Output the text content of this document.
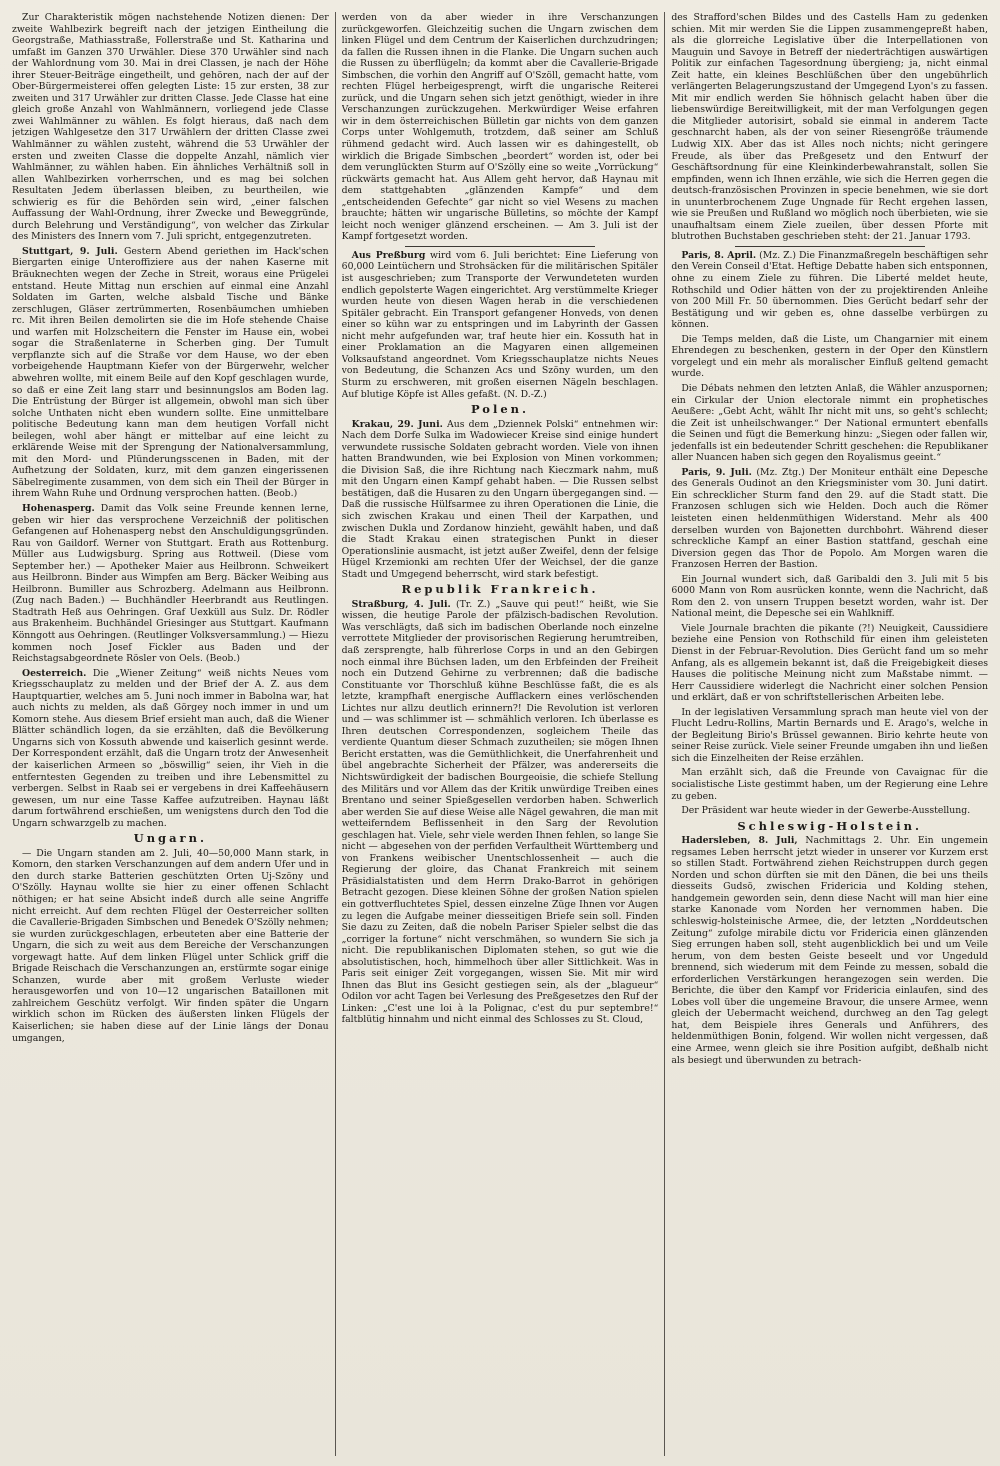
Zur Charakteristik mögen nachstehende Notizen dienen: Der zweite Wahlbezirk begreift nach der jetzigen Eintheilung die Georgstraße, Mathiasstraße, Follerstraße und St. Katharina und umfaßt im Ganzen 370 Urwähler. Diese 370 Urwähler sind nach der Wahlordnung vom 30. Mai in drei Classen, je nach der Höhe ihrer Steuer-Beiträge eingetheilt, und gehören, nach der auf der Ober-Bürgermeisterei offen gelegten Liste: 15 zur ersten, 38 zur zweiten und 317 Urwähler zur dritten Classe. Jede Classe hat eine gleich große Anzahl von Wahlmännern, vorliegend jede Classe zwei Wahlmänner zu wählen. Es folgt hieraus, daß nach dem jetzigen Wahlgesetze den 317 Urwählern der dritten Classe zwei Wahlmänner zu wählen zusteht, während die 53 Urwähler der ersten und zweiten Classe die doppelte Anzahl, nämlich vier Wahlmänner, zu wählen haben. Ein ähnliches Verhältniß soll in allen Wahlbezirken vorherrschen, und es mag bei solchen Resultaten Jedem überlassen bleiben, zu beurtheilen, wie schwierig es für die Behörden sein wird, „einer falschen Auffassung der Wahl-Ordnung, ihrer Zwecke und Beweggründe, durch Belehrung und Verständigung“, von welcher das Zirkular des Ministers des Innern vom 7. Juli spricht, entgegenzutreten.

Stuttgart, 9. Juli. Gestern Abend geriethen im Hack'schen Biergarten einige Unteroffiziere aus der nahen Kaserne mit Bräuknechten wegen der Zeche in Streit, woraus eine Prügelei entstand. Heute Mittag nun erschien auf einmal eine Anzahl Soldaten im Garten, welche alsbald Tische und Bänke zerschlugen, Gläser zertrümmerten, Rosenbäumchen umhieben rc. Mit ihren Beilen demolirten sie die im Hofe stehende Chaise und warfen mit Holzscheitern die Fenster im Hause ein, wobei sogar die Straßenlaterne in Scherben ging. Der Tumult verpflanzte sich auf die Straße vor dem Hause, wo der eben vorbeigehende Hauptmann Kiefer von der Bürgerwehr, welcher abwehren wollte, mit einem Beile auf den Kopf geschlagen wurde, so daß er eine Zeit lang starr und besinnungslos am Boden lag. Die Entrüstung der Bürger ist allgemein, obwohl man sich über solche Unthaten nicht eben wundern sollte. Eine unmittelbare politische Bedeutung kann man dem heutigen Vorfall nicht beilegen, wohl aber hängt er mittelbar auf eine leicht zu erklärende Weise mit der Sprengung der Nationalversammlung, mit den Mord- und Plünderungsscenen in Baden, mit der Aufhetzung der Soldaten, kurz, mit dem ganzen eingerissenen Säbelregimente zusammen, von dem sich ein Theil der Bürger in ihrem Wahn Ruhe und Ordnung versprochen hatten. (Beob.)

Hohenasperg. Damit das Volk seine Freunde kennen lerne, geben wir hier das versprochene Verzeichniß der politischen Gefangenen auf Hohenasperg nebst den Anschuldigungsgründen. Rau von Gaildorf. Werner von Stuttgart. Erath aus Rottenburg. Müller aus Ludwigsburg. Spring aus Rottweil. (Diese vom September her.) — Apotheker Maier aus Heilbronn. Schweikert aus Heilbronn. Binder aus Wimpfen am Berg. Bäcker Weibing aus Heilbronn. Bumiller aus Schrozberg. Adelmann aus Heilbronn. (Zug nach Baden.) — Buchhändler Heerbrandt aus Reutlingen. Stadtrath Heß aus Oehringen. Graf Uexküll aus Sulz. Dr. Rödler aus Brakenheim. Buchhändel Griesinger aus Stuttgart. Kaufmann Könngott aus Oehringen. (Reutlinger Volksversammlung.) — Hiezu kommen noch Josef Fickler aus Baden und der Reichstagsabgeordnete Rösler von Oels. (Beob.)

Oesterreich. Die „Wiener Zeitung“ weiß nichts Neues vom Kriegsschauplatz zu melden und der Brief der A. Z. aus dem Hauptquartier, welches am 5. Juni noch immer in Babolna war, hat auch nichts zu melden, als daß Görgey noch immer in und um Komorn stehe. Aus diesem Brief ersieht man auch, daß die Wiener Blätter schändlich logen, da sie erzählten, daß die Bevölkerung Ungarns sich von Kossuth abwende und kaiserlich gesinnt werde. Der Korrespondent erzählt, daß die Ungarn trotz der Anwesenheit der kaiserlichen Armeen so „böswillig“ seien, ihr Vieh in die entferntesten Gegenden zu treiben und ihre Lebensmittel zu verbergen. Selbst in Raab sei er vergebens in drei Kaffeehäusern gewesen, um nur eine Tasse Kaffee aufzutreiben. Haynau läßt darum fortwährend erschießen, um wenigstens durch den Tod die Ungarn schwarzgelb zu machen.

Ungarn.

— Die Ungarn standen am 2. Juli, 40—50,000 Mann stark, in Komorn, den starken Verschanzungen auf dem andern Ufer und in den durch starke Batterien geschützten Orten Uj-Szöny und O'Szölly. Haynau wollte sie hier zu einer offenen Schlacht nöthigen; er hat seine Absicht indeß durch alle seine Angriffe nicht erreicht. Auf dem rechten Flügel der Oesterreicher sollten die Cavallerie-Brigaden Simbschen und Benedek O'Szölly nehmen; sie wurden zurückgeschlagen, erbeuteten aber eine Batterie der Ungarn, die sich zu weit aus dem Bereiche der Verschanzungen vorgewagt hatte. Auf dem linken Flügel unter Schlick griff die Brigade Reischach die Verschanzungen an, erstürmte sogar einige Schanzen, wurde aber mit großem Verluste wieder herausgeworfen und von 10—12 ungarischen Bataillonen mit zahlreichem Geschütz verfolgt. Wir finden später die Ungarn wirklich schon im Rücken des äußersten linken Flügels der Kaiserlichen; sie haben diese auf der Linie längs der Donau umgangen,

werden von da aber wieder in ihre Verschanzungen zurückgeworfen. Gleichzeitig suchen die Ungarn zwischen dem linken Flügel und dem Centrum der Kaiserlichen durchzudringen; da fallen die Russen ihnen in die Flanke. Die Ungarn suchen auch die Russen zu überflügeln; da kommt aber die Cavallerie-Brigade Simbschen, die vorhin den Angriff auf O'Szöll, gemacht hatte, vom rechten Flügel herbeigesprengt, wirft die ungarische Reiterei zurück, und die Ungarn sehen sich jetzt genöthigt, wieder in ihre Verschanzungen zurückzugehen. Merkwürdiger Weise erfahren wir in dem österreichischen Bülletin gar nichts von dem ganzen Corps unter Wohlgemuth, trotzdem, daß seiner am Schluß rühmend gedacht wird. Auch lassen wir es dahingestellt, ob wirklich die Brigade Simbschen „beordert“ worden ist, oder bei dem verunglückten Sturm auf O'Szölly eine so weite „Vorrückung“ rückwärts gemacht hat. Aus Allem geht hervor, daß Haynau mit dem stattgehabten „glänzenden Kampfe“ und dem „entscheidenden Gefechte“ gar nicht so viel Wesens zu machen brauchte; hätten wir ungarische Bülletins, so möchte der Kampf leicht noch weniger glänzend erscheinen. — Am 3. Juli ist der Kampf fortgesetzt worden.

Aus Preßburg wird vom 6. Juli berichtet: Eine Lieferung von 60,000 Leintüchern und Strohsäcken für die militärischen Spitäler ist ausgeschrieben; zum Transporte der Verwundeteten wurden endlich gepolsterte Wagen eingerichtet. Arg verstümmelte Krieger wurden heute von diesen Wagen herab in die verschiedenen Spitäler gebracht. Ein Transport gefangener Honveds, von denen einer so kühn war zu entspringen und im Labyrinth der Gassen nicht mehr aufgefunden war, traf heute hier ein. Kossuth hat in einer Proklamation an die Magyaren einen allgemeinen Volksaufstand angeordnet. Vom Kriegsschauplatze nichts Neues von Bedeutung, die Schanzen Acs und Szöny wurden, um den Sturm zu erschweren, mit großen eisernen Nägeln beschlagen. Auf blutige Köpfe ist Alles gefaßt. (N. D.-Z.)

Polen.

Krakau, 29. Juni. Aus dem „Dziennek Polski“ entnehmen wir: Nach dem Dorfe Sulka im Wadowiecer Kreise sind einige hundert verwundete russische Soldaten gebracht worden. Viele von ihnen hatten Brandwunden, wie bei Explosion von Minen vorkommen; die Division Saß, die ihre Richtung nach Kieczmark nahm, muß mit den Ungarn einen Kampf gehabt haben. — Die Russen selbst bestätigen, daß die Husaren zu den Ungarn übergegangen sind. — Daß die russische Hülfsarmee zu ihren Operationen die Linie, die sich zwischen Krakau und einen Theil der Karpathen, und zwischen Dukla und Zordanow hinzieht, gewählt haben, und daß die Stadt Krakau einen strategischen Punkt in dieser Operationslinie ausmacht, ist jetzt außer Zweifel, denn der felsige Hügel Krzemionki am rechten Ufer der Weichsel, der die ganze Stadt und Umgegend beherrscht, wird stark befestigt.

Republik Frankreich.

Straßburg, 4. Juli. (Tr. Z.) „Sauve qui peut!“ heißt, wie Sie wissen, die heutige Parole der pfälzisch-badischen Revolution. Was verschlägts, daß sich im badischen Oberlande noch einzelne verrottete Mitglieder der provisorischen Regierung herumtreiben, daß zersprengte, halb führerlose Corps in und an den Gebirgen noch einmal ihre Büchsen laden, um den Erbfeinden der Freiheit noch ein Dutzend Gehirne zu verbrennen; daß die badische Constituante vor Thorschluß kühne Beschlüsse faßt, die es als letzte, krampfhaft energische Aufflackern eines verlöschenden Lichtes nur allzu deutlich erinnern?! Die Revolution ist verloren und — was schlimmer ist — schmählich verloren. Ich überlasse es Ihren deutschen Correspondenzen, sogleichem Theile das verdiente Quantum dieser Schmach zuzutheilen; sie mögen Ihnen Bericht erstatten, was die Gemüthlichkeit, die Unerfahrenheit und übel angebrachte Sicherheit der Pfälzer, was andererseits die Nichtswürdigkeit der badischen Bourgeoisie, die schiefe Stellung des Militärs und vor Allem das der Kritik unwürdige Treiben eines Brentano und seiner Spießgesellen verdorben haben. Schwerlich aber werden Sie auf diese Weise alle Nägel gewahren, die man mit wetteiferndem Beflissenheit in den Sarg der Revolution geschlagen hat. Viele, sehr viele werden Ihnen fehlen, so lange Sie nicht — abgesehen von der perfiden Verfaultheit Württemberg und von Frankens weibischer Unentschlossenheit — auch die Regierung der gloire, das Chanat Frankreich mit seinem Präsidialstatisten und dem Herrn Drako-Barrot in gehörigen Betracht gezogen. Diese kleinen Söhne der großen Nation spielen ein gottverfluchtetes Spiel, dessen einzelne Züge Ihnen vor Augen zu legen die Aufgabe meiner diesseitigen Briefe sein soll. Finden Sie dazu zu Zeiten, daß die nobeln Pariser Spieler selbst die das „corriger la fortune“ nicht verschmähen, so wundern Sie sich ja nicht. Die republikanischen Diplomaten stehen, so gut wie die absolutistischen, hoch, himmelhoch über aller Sittlichkeit. Was in Paris seit einiger Zeit vorgegangen, wissen Sie. Mit mir wird Ihnen das Blut ins Gesicht gestiegen sein, als der „blagueur“ Odilon vor acht Tagen bei Verlesung des Preßgesetzes den Ruf der Linken: „C'est une loi à la Polignac, c'est du pur septembre!“ faltblütig hinnahm und nicht einmal des Schlosses zu St. Cloud,

des Strafford'schen Bildes und des Castells Ham zu gedenken schien. Mit mir werden Sie die Lippen zusammengepreßt haben, als die glorreiche Legislative über die Interpellationen von Mauguin und Savoye in Betreff der niederträchtigen auswärtigen Politik zur einfachen Tagesordnung übergieng; ja, nicht einmal Zeit hatte, ein kleines Beschlüßchen über den ungebührlich verlängerten Belagerungszustand der Umgegend Lyon's zu fassen. Mit mir endlich werden Sie höhnisch gelacht haben über die liebenswürdige Bereitwilligkeit, mit der man Verfolgungen gegen die Mitglieder autorisirt, sobald sie einmal in anderem Tacte geschnarcht haben, als der von seiner Riesengröße träumende Ludwig XIX. Aber das ist Alles noch nichts; nicht geringere Freude, als über das Preßgesetz und den Entwurf der Geschäftsordnung für eine Kleinkinderbewahranstalt, sollen Sie empfinden, wenn ich Ihnen erzähle, wie sich die Herren gegen die deutsch-französischen Provinzen in specie benehmen, wie sie dort in ununterbrochenem Zuge Ungnade für Recht ergehen lassen, wie sie Preußen und Rußland wo möglich noch überbieten, wie sie unaufhaltsam einem Ziele zueilen, über dessen Pforte mit blutrothen Buchstaben geschrieben steht: der 21. Januar 1793.

Paris, 8. April. (Mz. Z.) Die Finanzmaßregeln beschäftigen sehr den Verein Conseil d'Etat. Heftige Debatte haben sich entsponnen, ohne zu einem Ziele zu führen. Die Liberté meldet heute, Rothschild und Odier hätten von der zu projektirenden Anleihe von 200 Mill Fr. 50 übernommen. Dies Gerücht bedarf sehr der Bestätigung und wir geben es, ohne dasselbe verbürgen zu können.

Die Temps melden, daß die Liste, um Changarnier mit einem Ehrendegen zu beschenken, gestern in der Oper den Künstlern vorgelegt und ein mehr als moralischer Einfluß geltend gemacht wurde.

Die Débats nehmen den letzten Anlaß, die Wähler anzuspornen; ein Cirkular der Union electorale nimmt ein prophetisches Aeußere: „Gebt Acht, wählt Ihr nicht mit uns, so geht's schlecht; die Zeit ist unheilschwanger.“ Der National ermuntert ebenfalls die Seinen und fügt die Bemerkung hinzu: „Siegen oder fallen wir, jedenfalls ist ein bedeutender Schritt geschehen: die Republikaner aller Nuancen haben sich gegen den Royalismus geeint.“

Paris, 9. Juli. (Mz. Ztg.) Der Moniteur enthält eine Depesche des Generals Oudinot an den Kriegsminister vom 30. Juni datirt. Ein schrecklicher Sturm fand den 29. auf die Stadt statt. Die Franzosen schlugen sich wie Helden. Doch auch die Römer leisteten einen heldenmüthigen Widerstand. Mehr als 400 derselben wurden von Bajonetten durchbohrt. Während dieser schreckliche Kampf an einer Bastion stattfand, geschah eine Diversion gegen das Thor de Popolo. Am Morgen waren die Franzosen Herren der Bastion.

Ein Journal wundert sich, daß Garibaldi den 3. Juli mit 5 bis 6000 Mann von Rom ausrücken konnte, wenn die Nachricht, daß Rom den 2. von unsern Truppen besetzt worden, wahr ist. Der National meint, die Depesche sei ein Wahlkniff.

Viele Journale brachten die pikante (?!) Neuigkeit, Caussidiere beziehe eine Pension von Rothschild für einen ihm geleisteten Dienst in der Februar-Revolution. Dies Gerücht fand um so mehr Anfang, als es allgemein bekannt ist, daß die Freigebigkeit dieses Hauses die politische Meinung nicht zum Maßstabe nimmt. — Herr Caussidiere widerlegt die Nachricht einer solchen Pension und erklärt, daß er von schriftstellerischen Arbeiten lebe.

In der legislativen Versammlung sprach man heute viel von der Flucht Ledru-Rollins, Martin Bernards und E. Arago's, welche in der Begleitung Birio's Brüssel gewannen. Birio kehrte heute von seiner Reise zurück. Viele seiner Freunde umgaben ihn und ließen sich die Einzelheiten der Reise erzählen.

Man erzählt sich, daß die Freunde von Cavaignac für die socialistische Liste gestimmt haben, um der Regierung eine Lehre zu geben.

Der Präsident war heute wieder in der Gewerbe-Ausstellung.

Schleswig-Holstein.

Hadersleben, 8. Juli, Nachmittags 2. Uhr. Ein ungemein regsames Leben herrscht jetzt wieder in unserer vor Kurzem erst so stillen Stadt. Fortwährend ziehen Reichstruppen durch gegen Norden und schon dürften sie mit den Dänen, die bei uns theils diesseits Gudsö, zwischen Fridericia und Kolding stehen, handgemein geworden sein, denn diese Nacht will man hier eine starke Kanonade vom Norden her vernommen haben. Die schleswig-holsteinische Armee, die, der letzten „Norddeutschen Zeitung“ zufolge mirabile dictu vor Fridericia einen glänzenden Sieg errungen haben soll, steht augenblicklich bei und um Veile herum, von dem besten Geiste beseelt und vor Ungeduld brennend, sich wiederum mit dem Feinde zu messen, sobald die erforderlichen Verstärkungen herangezogen sein werden. Die Berichte, die über den Kampf vor Fridericia einlaufen, sind des Lobes voll über die ungemeine Bravour, die unsere Armee, wenn gleich der Uebermacht weichend, durchweg an den Tag gelegt hat, dem Beispiele ihres Generals und Anführers, des heldenmüthigen Bonin, folgend. Wir wollen nicht vergessen, daß eine Armee, wenn gleich sie ihre Position aufgibt, deßhalb nicht als besiegt und überwunden zu betrach-
